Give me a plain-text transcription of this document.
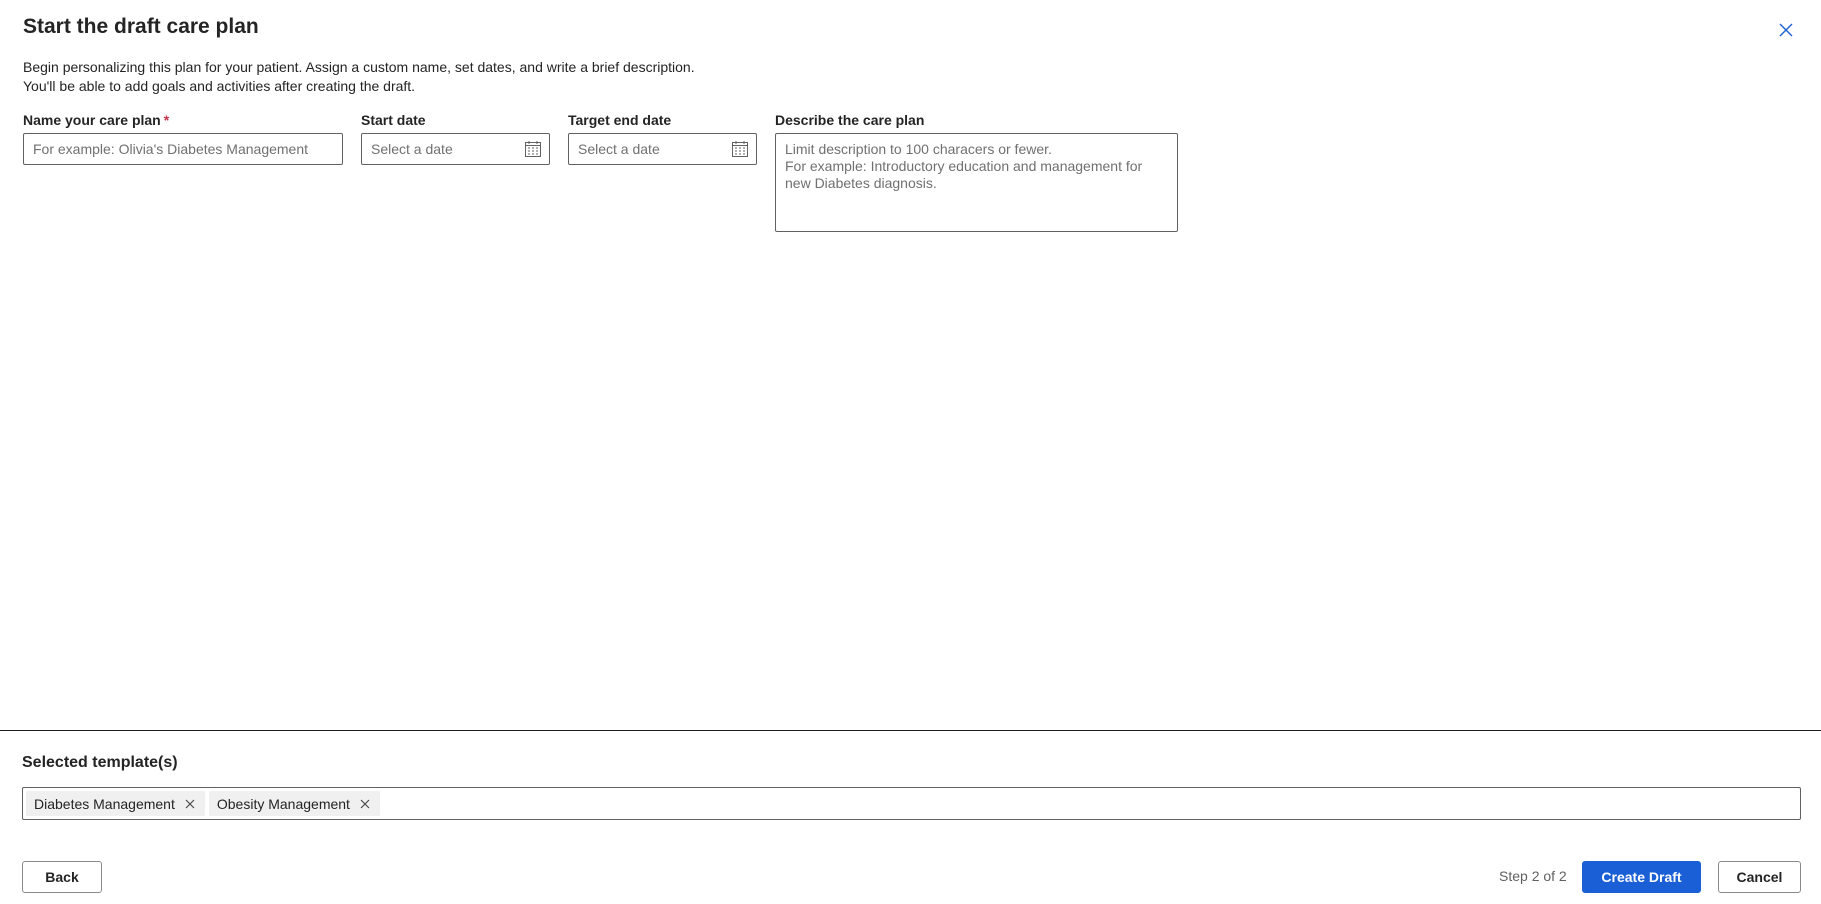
Start the draft care plan
Begin personalizing this plan for your patient. Assign a custom name, set dates, and write a brief description.
You'll be able to add goals and activities after creating the draft.
Name your care plan *
For example: Olivia's Diabetes Management
Start date
Select a date
Target end date
Select a date
Describe the care plan
Limit description to 100 characers or fewer.
For example: Introductory education and management for
new Diabetes diagnosis.
Selected template(s)
Diabetes Management	Obesity Management
Back	Step 2 of 2	Create Draft	Cancel
